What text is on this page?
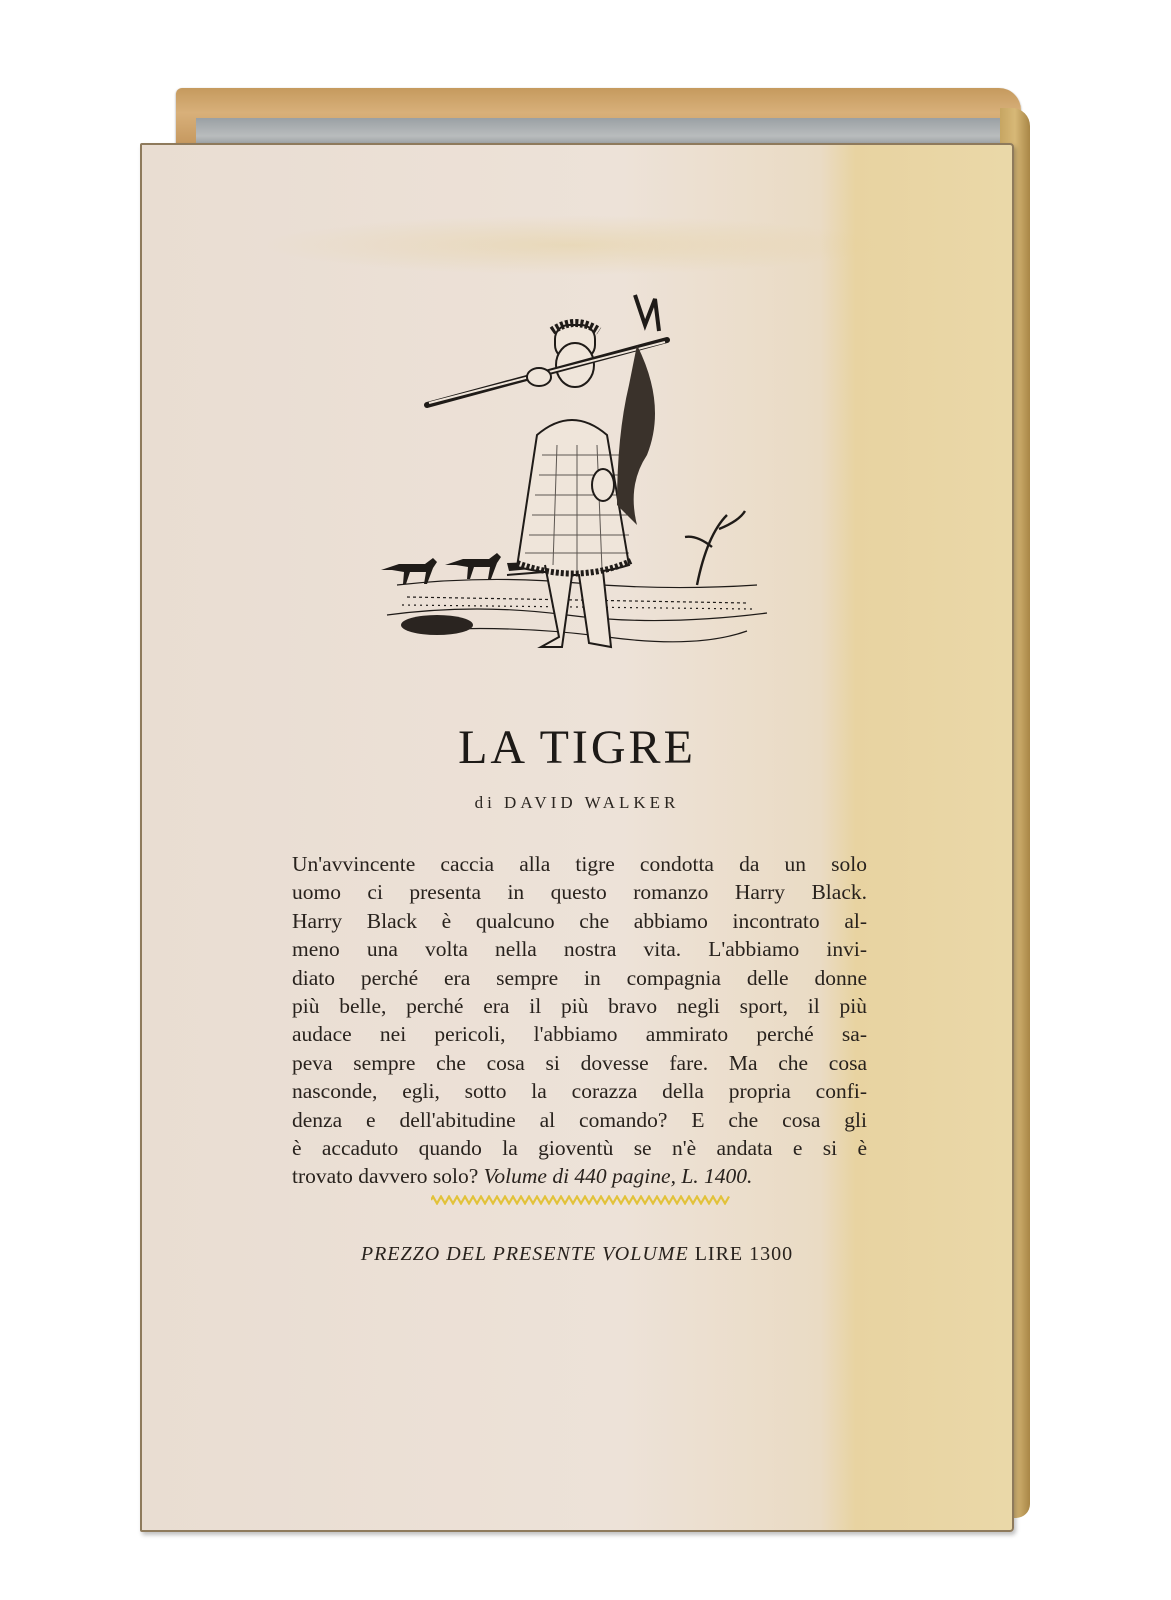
LA TIGRE
di DAVID WALKER
Un'avvincente caccia alla tigre condotta da un solo
uomo ci presenta in questo romanzo Harry Black.
Harry Black è qualcuno che abbiamo incontrato al-
meno una volta nella nostra vita. L'abbiamo invi-
diato perché era sempre in compagnia delle donne
più belle, perché era il più bravo negli sport, il più
audace nei pericoli, l'abbiamo ammirato perché sa-
peva sempre che cosa si dovesse fare. Ma che cosa
nasconde, egli, sotto la corazza della propria confi-
denza e dell'abitudine al comando? E che cosa gli
è accaduto quando la gioventù se n'è andata e si è
trovato davvero solo? Volume di 440 pagine, L. 1400.
PREZZO DEL PRESENTE VOLUME LIRE 1300
